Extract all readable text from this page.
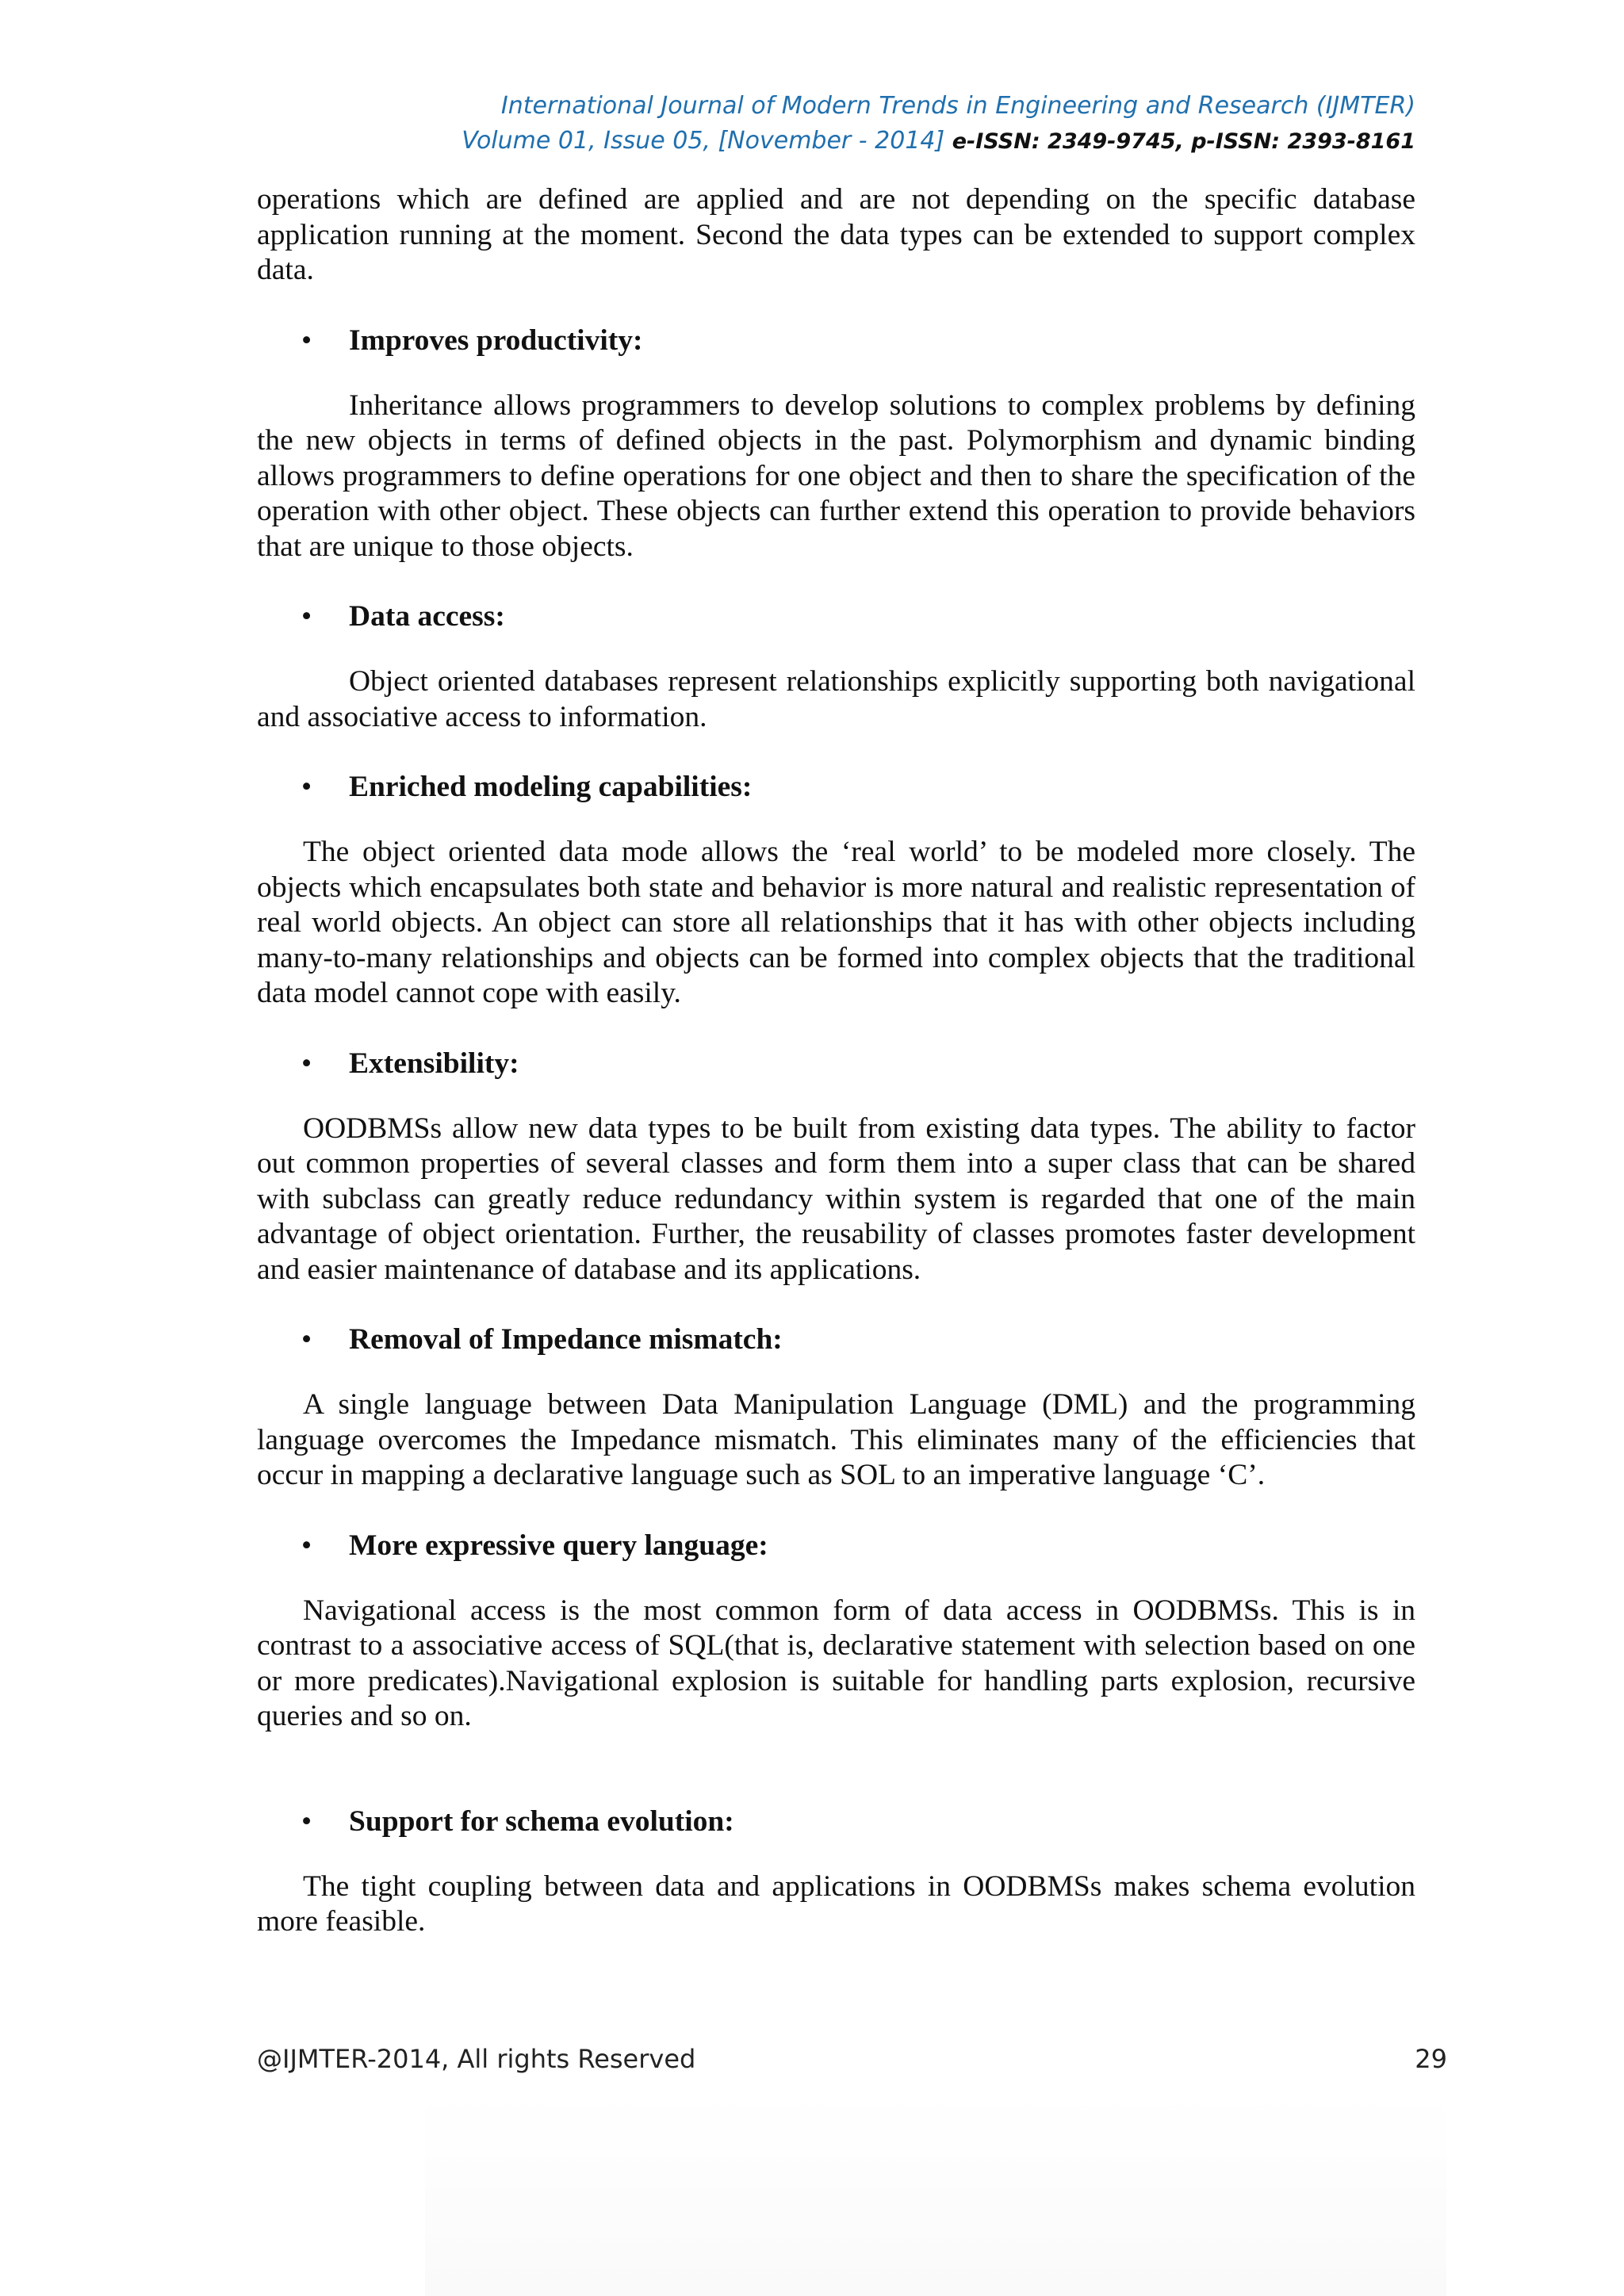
International Journal of Modern Trends in Engineering and Research (IJMTER)
Volume 01, Issue 05, [November - 2014] e-ISSN: 2349-9745, p-ISSN: 2393-8161

operations which are defined are applied and are not depending on the specific database application running at the moment. Second the data types can be extended to support complex data.

• Improves productivity:

Inheritance allows programmers to develop solutions to complex problems by defining the new objects in terms of defined objects in the past. Polymorphism and dynamic binding allows programmers to define operations for one object and then to share the specification of the operation with other object. These objects can further extend this operation to provide behaviors that are unique to those objects.

• Data access:

Object oriented databases represent relationships explicitly supporting both navigational and associative access to information.

• Enriched modeling capabilities:

The object oriented data mode allows the ‘real world’ to be modeled more closely. The objects which encapsulates both state and behavior is more natural and realistic representation of real world objects. An object can store all relationships that it has with other objects including many-to-many relationships and objects can be formed into complex objects that the traditional data model cannot cope with easily.

• Extensibility:

OODBMSs allow new data types to be built from existing data types. The ability to factor out common properties of several classes and form them into a super class that can be shared with subclass can greatly reduce redundancy within system is regarded that one of the main advantage of object orientation. Further, the reusability of classes promotes faster development and easier maintenance of database and its applications.

• Removal of Impedance mismatch:

A single language between Data Manipulation Language (DML) and the programming language overcomes the Impedance mismatch. This eliminates many of the efficiencies that occur in mapping a declarative language such as SOL to an imperative language ‘C’.

• More expressive query language:

Navigational access is the most common form of data access in OODBMSs. This is in contrast to a associative access of SQL(that is, declarative statement with selection based on one or more predicates).Navigational explosion is suitable for handling parts explosion, recursive queries and so on.

• Support for schema evolution:

The tight coupling between data and applications in OODBMSs makes schema evolution more feasible.

@IJMTER-2014, All rights Reserved	29
